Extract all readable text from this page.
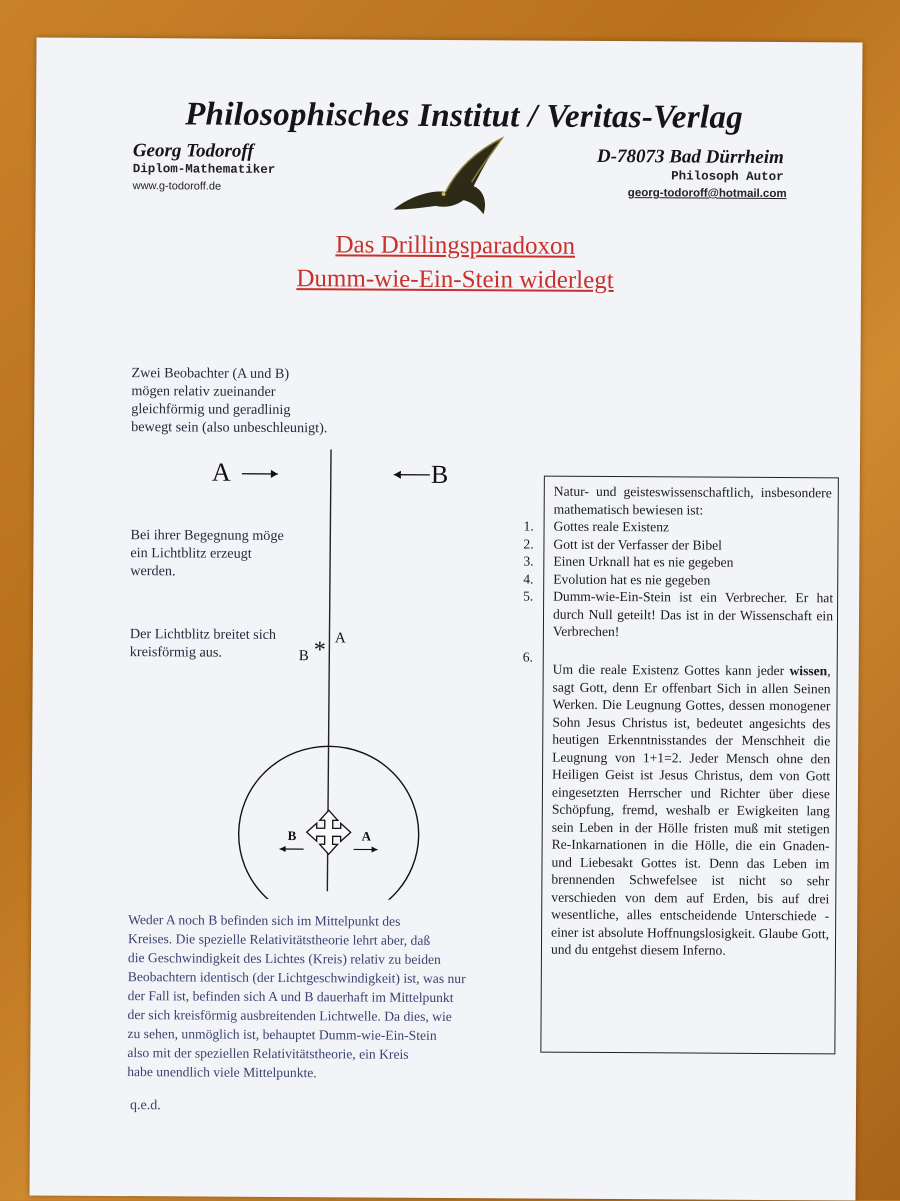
Philosophisches Institut / Veritas-Verlag
Georg Todoroff
Diplom-Mathematiker
www.g-todoroff.de
D-78073 Bad Dürrheim
Philosoph Autor
georg-todoroff@hotmail.com
Das Drillingsparadoxon
Dumm-wie-Ein-Stein widerlegt
Zwei Beobachter (A und B)
mögen relativ zueinander
gleichförmig und geradlinig
bewegt sein (also unbeschleunigt).
Bei ihrer Begegnung möge
ein Lichtblitz erzeugt
werden.
Der Lichtblitz breitet sich
kreisförmig aus.
A	B
A
B *
B	A
Weder A noch B befinden sich im Mittelpunkt des
Kreises. Die spezielle Relativitätstheorie lehrt aber, daß
die Geschwindigkeit des Lichtes (Kreis) relativ zu beiden
Beobachtern identisch (der Lichtgeschwindigkeit) ist, was nur
der Fall ist, befinden sich A und B dauerhaft im Mittelpunkt
der sich kreisförmig ausbreitenden Lichtwelle. Da dies, wie
zu sehen, unmöglich ist, behauptet Dumm-wie-Ein-Stein
also mit der speziellen Relativitätstheorie, ein Kreis
habe unendlich viele Mittelpunkte.
q.e.d.
Natur- und geisteswissenschaftlich, insbesondere mathematisch bewiesen ist:
1.	Gottes reale Existenz
2.	Gott ist der Verfasser der Bibel
3.	Einen Urknall hat es nie gegeben
4.	Evolution hat es nie gegeben
5.	Dumm-wie-Ein-Stein ist ein Verbrecher. Er hat durch Null geteilt! Das ist in der Wissenschaft ein Verbrechen!
6.
Um die reale Existenz Gottes kann jeder wissen, sagt Gott, denn Er offenbart Sich in allen Seinen Werken. Die Leugnung Gottes, dessen monogener Sohn Jesus Christus ist, bedeutet angesichts des heutigen Erkenntnisstandes der Menschheit die Leugnung von 1+1=2. Jeder Mensch ohne den Heiligen Geist ist Jesus Christus, dem von Gott eingesetzten Herrscher und Richter über diese Schöpfung, fremd, weshalb er Ewigkeiten lang sein Leben in der Hölle fristen muß mit stetigen Re-Inkarnationen in die Hölle, die ein Gnaden- und Liebesakt Gottes ist. Denn das Leben im brennenden Schwefelsee ist nicht so sehr verschieden von dem auf Erden, bis auf drei wesentliche, alles entscheidende Unterschiede - einer ist absolute Hoffnungslosigkeit. Glaube Gott, und du entgehst diesem Inferno.
